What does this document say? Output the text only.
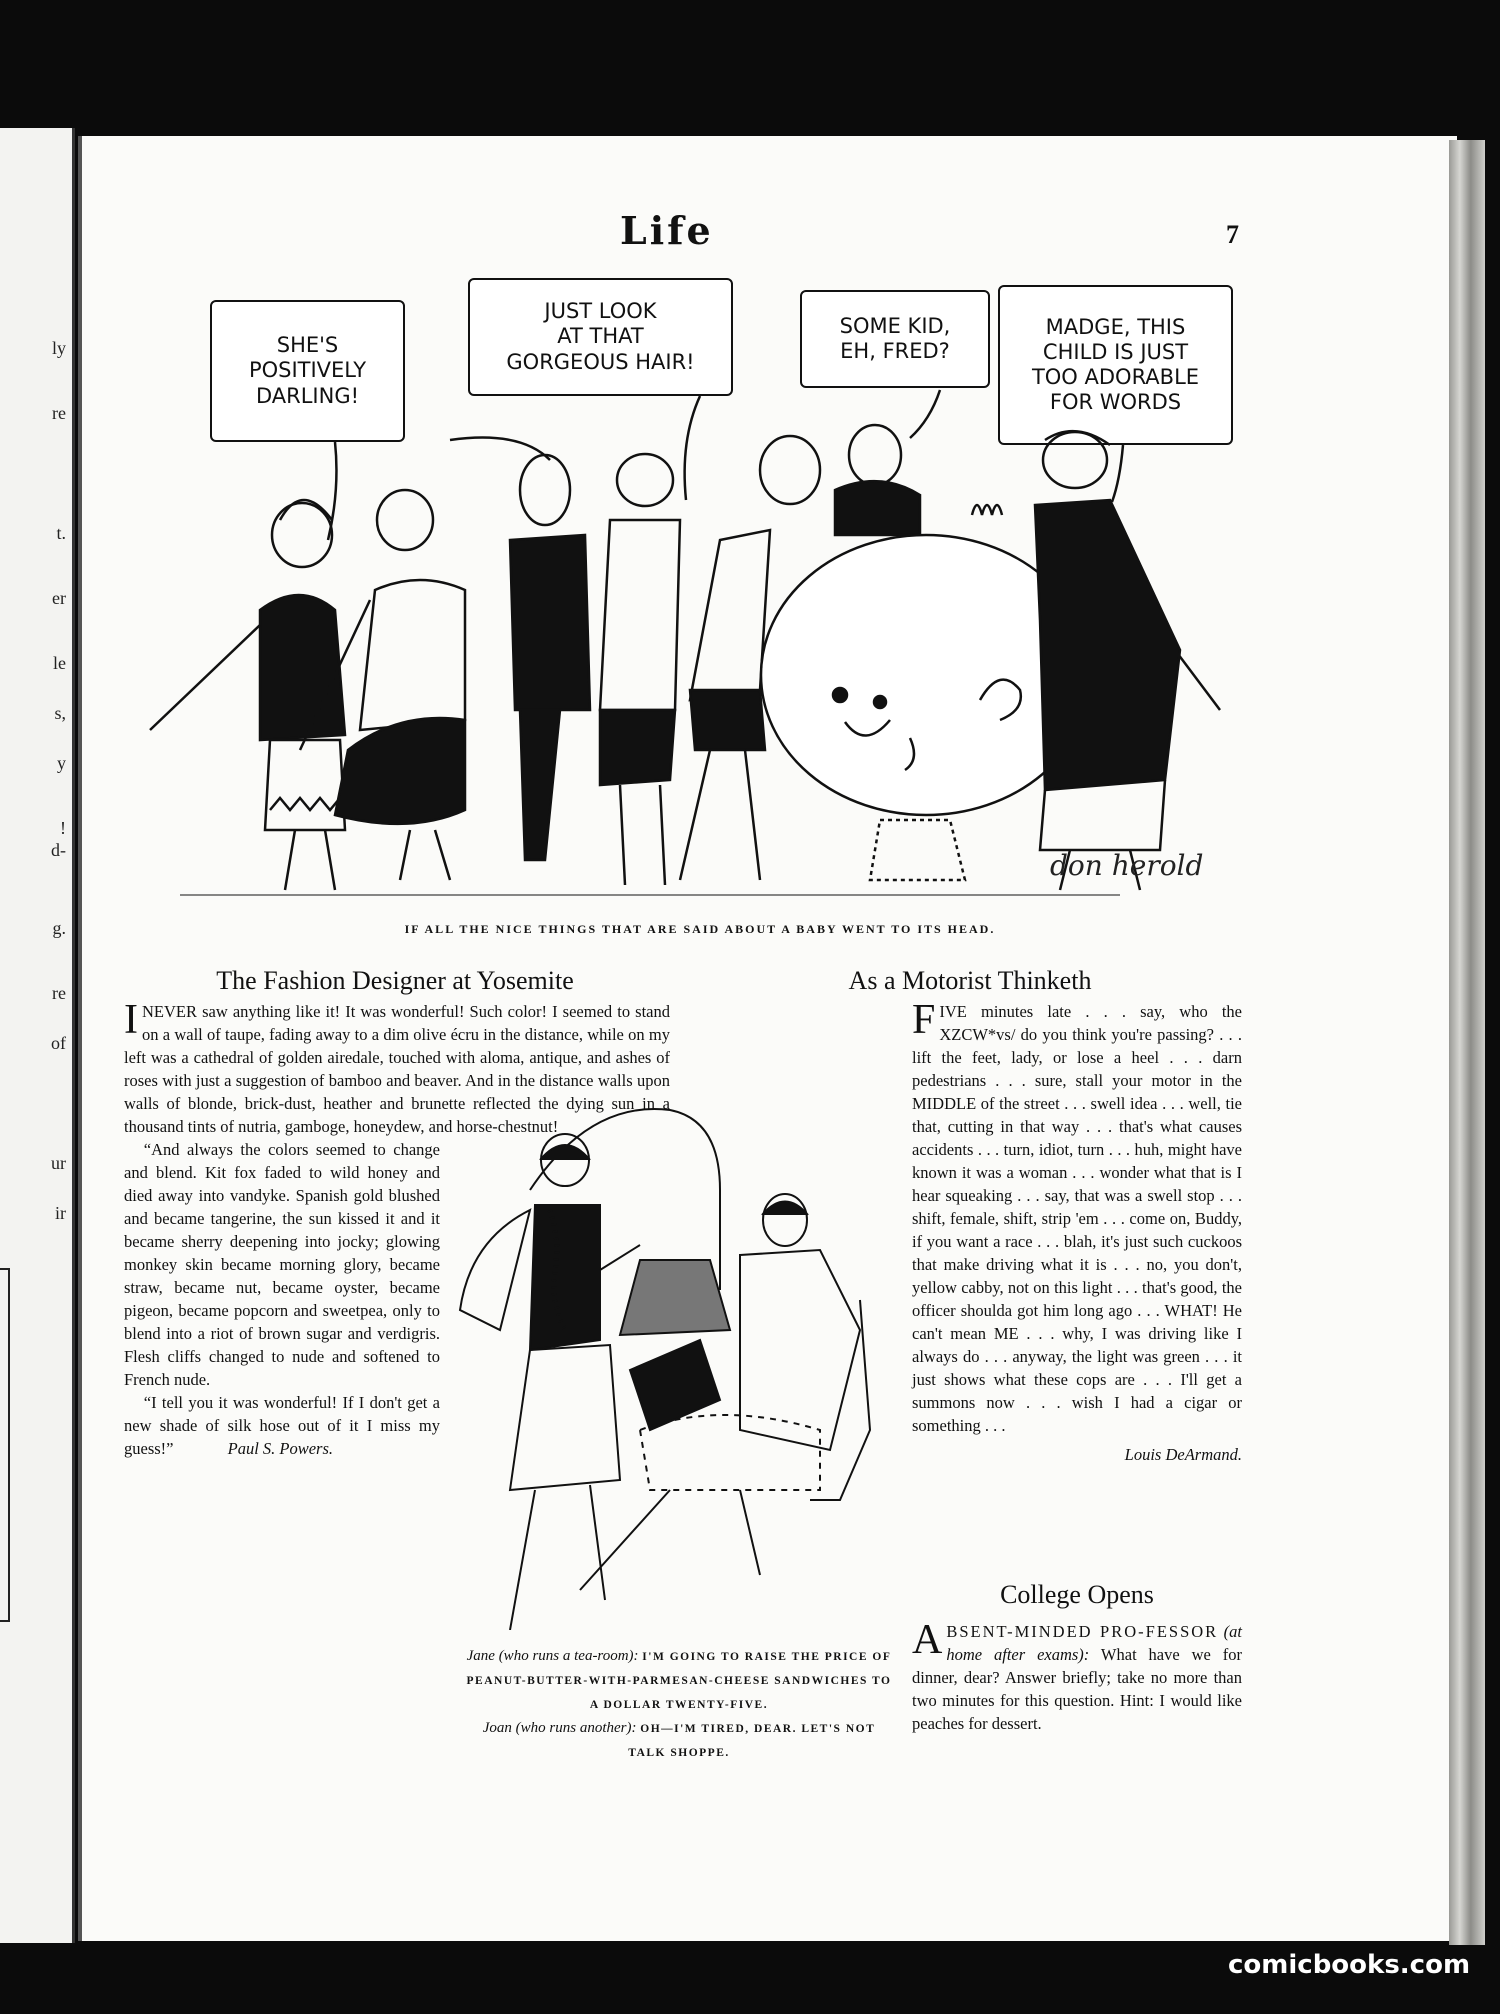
ly
re
t.
er
le
s,
y
!
d-
g.
re
of
ur
ir
Life	7
SHE'S
POSITIVELY
DARLING!
JUST LOOK
AT THAT
GORGEOUS HAIR!
SOME KID,
EH, FRED?
MADGE, THIS
CHILD IS JUST
TOO ADORABLE
FOR WORDS
don herold
IF ALL THE NICE THINGS THAT ARE SAID ABOUT A BABY WENT TO ITS HEAD.
The Fashion Designer at Yosemite

INEVER saw anything like it! It was wonderful! Such color! I seemed to stand on a wall of taupe, fading away to a dim olive écru in the distance, while on my left was a cathedral of golden airedale, touched with aloma, antique, and ashes of roses with just a suggestion of bamboo and beaver. And in the distance walls upon walls of blonde, brick-dust, heather and brunette reflected the dying sun in a thousand tints of nutria, gamboge, honeydew, and horse-chestnut!

“And always the colors seemed to change and blend. Kit fox faded to wild honey and died away into vandyke. Spanish gold blushed and became tangerine, the sun kissed it and it became sherry deepening into jocky; glowing monkey skin became morning glory, became straw, became nut, became oyster, became pigeon, became popcorn and sweetpea, only to blend into a riot of brown sugar and verdigris. Flesh cliffs changed to nude and softened to French nude.

“I tell you it was wonderful! If I don't get a new shade of silk hose out of it I miss my guess!”	Paul S. Powers.

As a Motorist Thinketh

FIVE minutes late . . . say, who the XZCW*vs/ do you think you're passing? . . . lift the feet, lady, or lose a heel . . . darn pedestrians . . . sure, stall your motor in the MIDDLE of the street . . . swell idea . . . well, tie that, cutting in that way . . . that's what causes accidents . . . turn, idiot, turn . . . huh, might have known it was a woman . . . wonder what that is I hear squeaking . . . say, that was a swell stop . . . shift, female, shift, strip 'em . . . come on, Buddy, if you want a race . . . blah, it's just such cuckoos that make driving what it is . . . no, you don't, yellow cabby, not on this light . . . that's good, the officer shoulda got him long ago . . . WHAT! He can't mean ME . . . why, I was driving like I always do . . . anyway, the light was green . . . it just shows what these cops are . . . I'll get a summons now . . . wish I had a cigar or something . . .

Louis DeArmand.

Jane (who runs a tea-room): I'M GOING TO RAISE THE PRICE OF PEANUT-BUTTER-WITH-PARMESAN-CHEESE SANDWICHES TO A DOLLAR TWENTY-FIVE.
Joan (who runs another): OH—I'M TIRED, DEAR. LET'S NOT TALK SHOPPE.
College Opens

ABSENT-MINDED PRO-FESSOR (at home after exams): What have we for dinner, dear? Answer briefly; take no more than two minutes for this question. Hint: I would like peaches for dessert.

comicbooks.com
